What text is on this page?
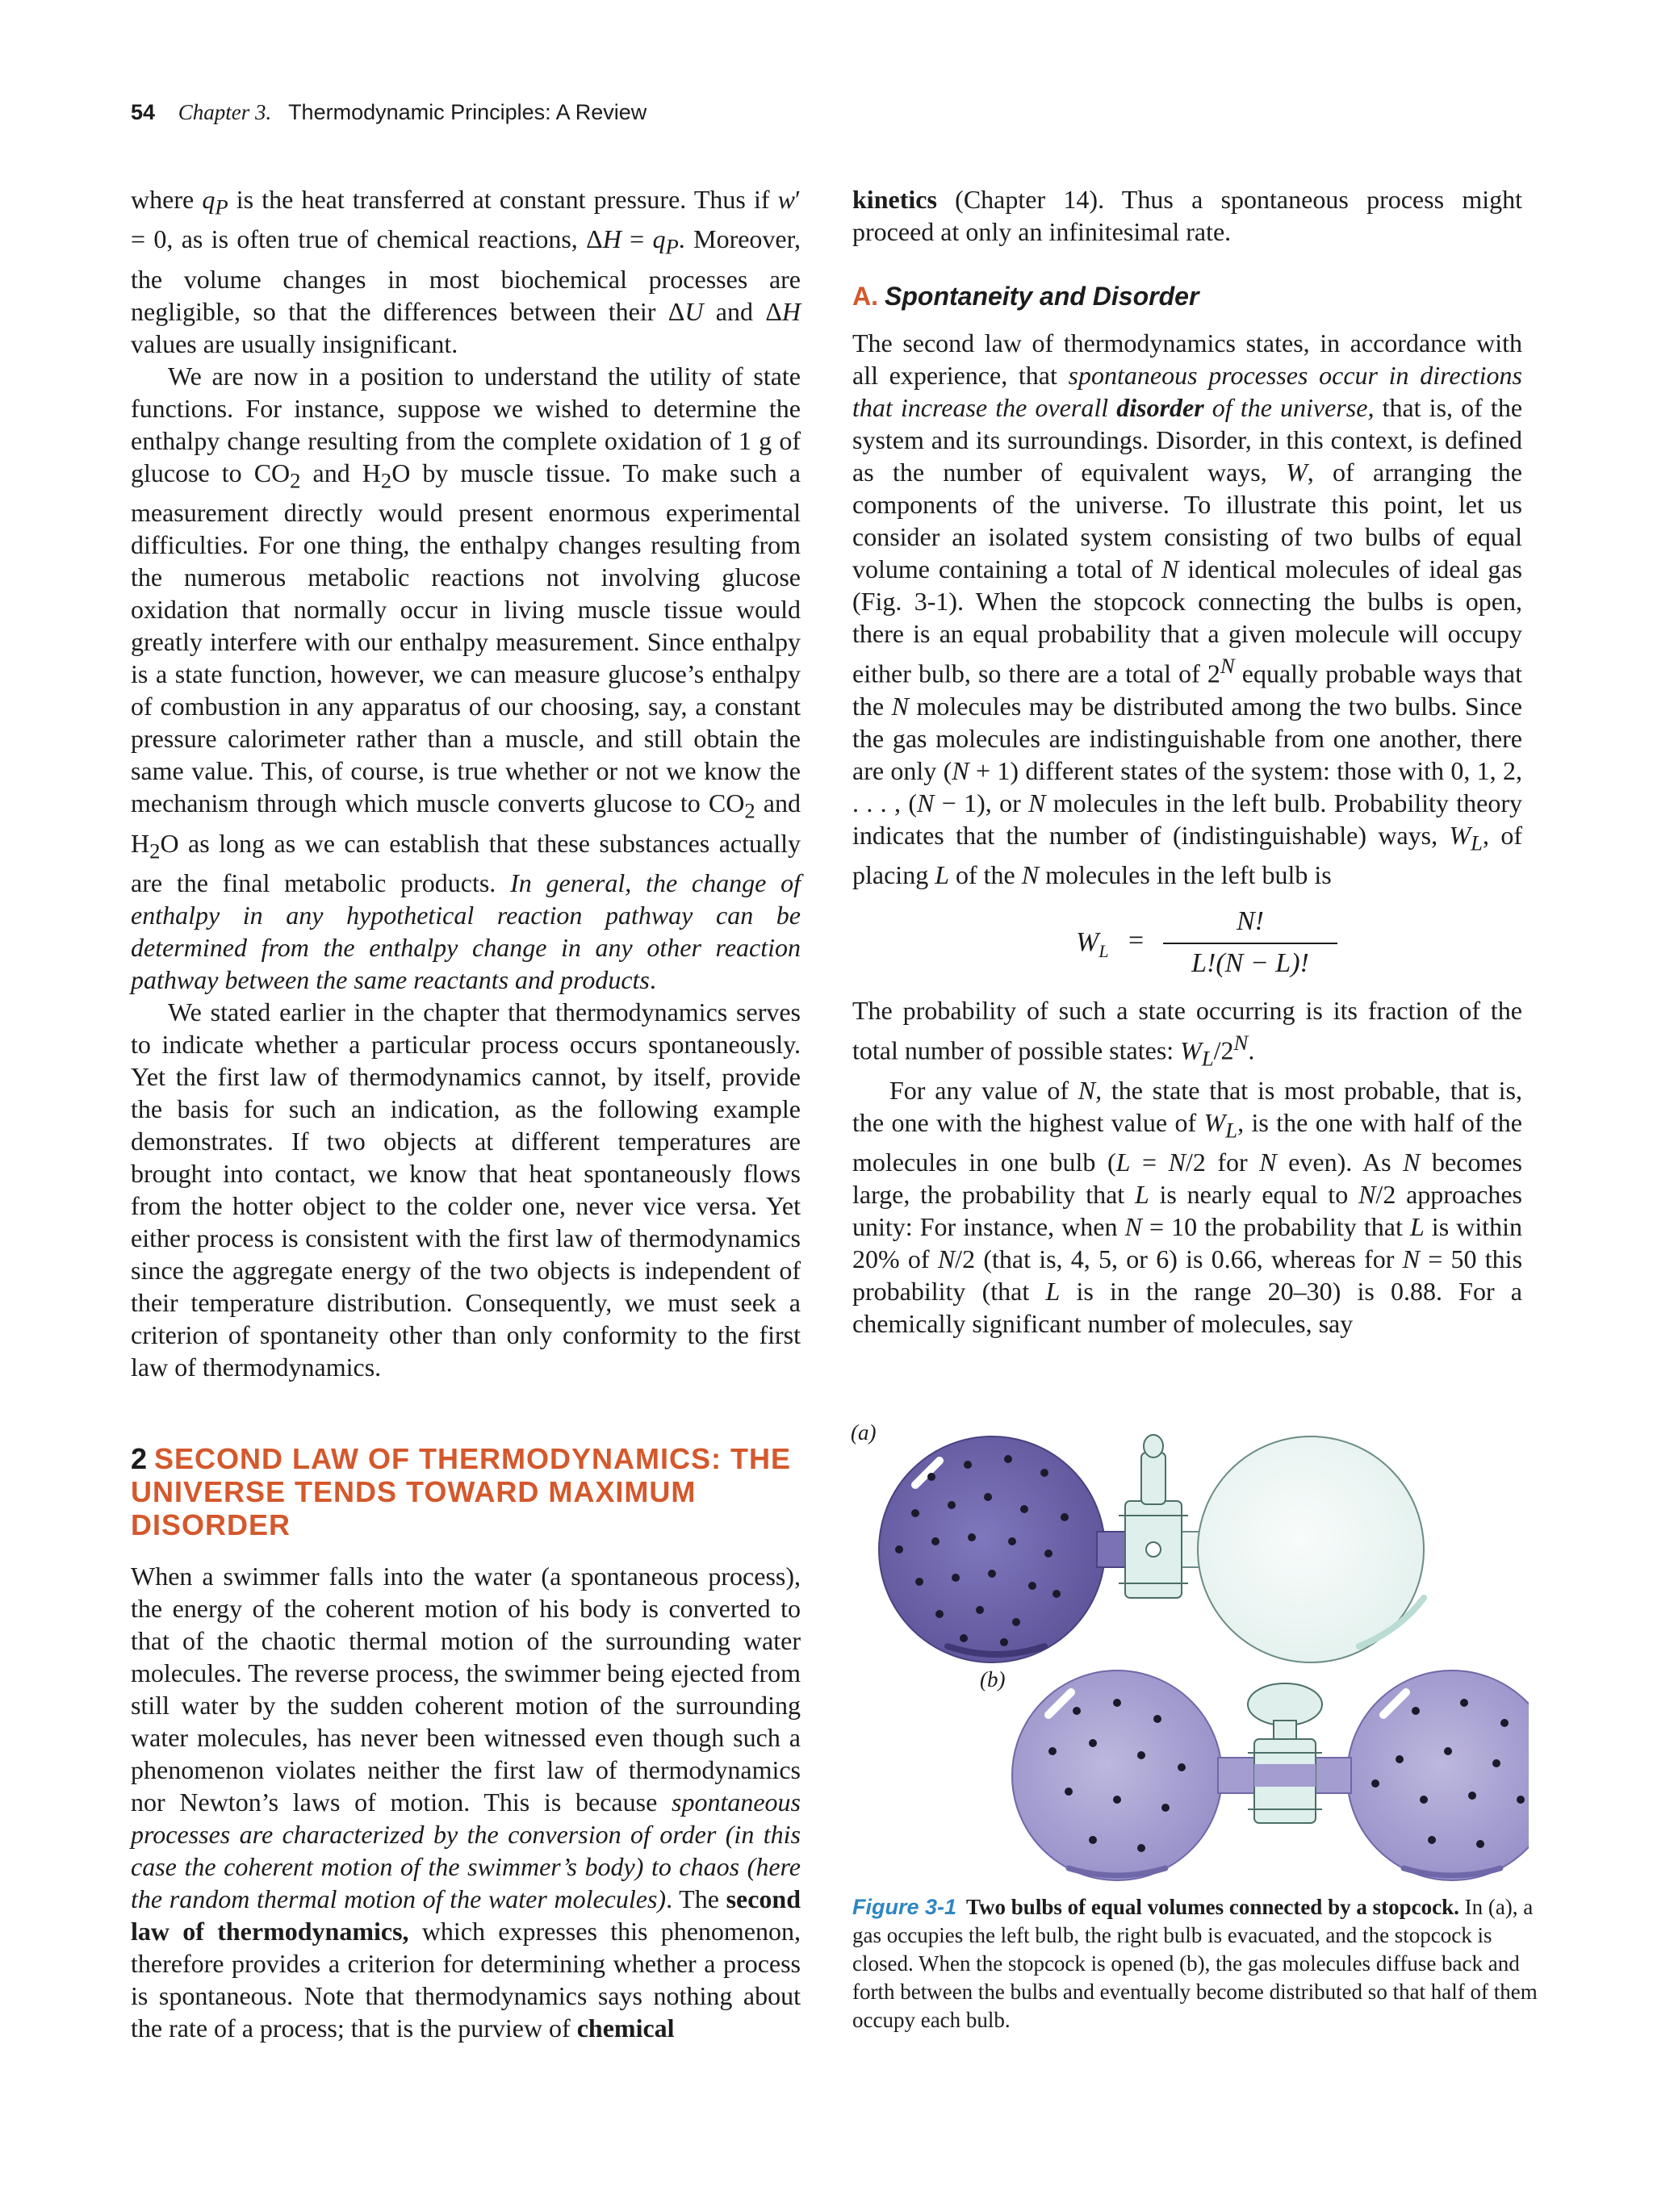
54 Chapter 3. Thermodynamic Principles: A Review

where $q_P$ is the heat transferred at constant pressure. Thus if w′ = 0, as is often true of chemical reactions, $\Delta H = q_P$. Moreover, the volume changes in most biochemical processes are negligible, so that the differences between their ΔU and ΔH values are usually insignificant.

We are now in a position to understand the utility of state functions. For instance, suppose we wished to determine the enthalpy change resulting from the complete oxidation of 1 g of glucose to $CO_2$ and $H_2O$ by muscle tissue. To make such a measurement directly would present enormous experimental difficulties. For one thing, the enthalpy changes resulting from the numerous metabolic reactions not involving glucose oxidation that normally occur in living muscle tissue would greatly interfere with our enthalpy measurement. Since enthalpy is a state function, however, we can measure glucose’s enthalpy of combustion in any apparatus of our choosing, say, a constant pressure calorimeter rather than a muscle, and still obtain the same value. This, of course, is true whether or not we know the mechanism through which muscle converts glucose to $CO_2$ and $H_2O$ as long as we can establish that these substances actually are the final metabolic products. In general, the change of enthalpy in any hypothetical reaction pathway can be determined from the enthalpy change in any other reaction pathway between the same reactants and products.

We stated earlier in the chapter that thermodynamics serves to indicate whether a particular process occurs spontaneously. Yet the first law of thermodynamics cannot, by itself, provide the basis for such an indication, as the following example demonstrates. If two objects at different temperatures are brought into contact, we know that heat spontaneously flows from the hotter object to the colder one, never vice versa. Yet either process is consistent with the first law of thermodynamics since the aggregate energy of the two objects is independent of their temperature distribution. Consequently, we must seek a criterion of spontaneity other than only conformity to the first law of thermodynamics.

2 SECOND LAW OF THERMODYNAMICS: THE UNIVERSE TENDS TOWARD MAXIMUM DISORDER

When a swimmer falls into the water (a spontaneous process), the energy of the coherent motion of his body is converted to that of the chaotic thermal motion of the surrounding water molecules. The reverse process, the swimmer being ejected from still water by the sudden coherent motion of the surrounding water molecules, has never been witnessed even though such a phenomenon violates neither the first law of thermodynamics nor Newton’s laws of motion. This is because spontaneous processes are characterized by the conversion of order (in this case the coherent motion of the swimmer’s body) to chaos (here the random thermal motion of the water molecules). The second law of thermodynamics, which expresses this phenomenon, therefore provides a criterion for determining whether a process is spontaneous. Note that thermodynamics says nothing about the rate of a process; that is the purview of chemical

kinetics (Chapter 14). Thus a spontaneous process might proceed at only an infinitesimal rate.

A. Spontaneity and Disorder

The second law of thermodynamics states, in accordance with all experience, that spontaneous processes occur in directions that increase the overall disorder of the universe, that is, of the system and its surroundings. Disorder, in this context, is defined as the number of equivalent ways, W, of arranging the components of the universe. To illustrate this point, let us consider an isolated system consisting of two bulbs of equal volume containing a total of N identical molecules of ideal gas (Fig. 3-1). When the stopcock connecting the bulbs is open, there is an equal probability that a given molecule will occupy either bulb, so there are a total of $2^N$ equally probable ways that the N molecules may be distributed among the two bulbs. Since the gas molecules are indistinguishable from one another, there are only (N + 1) different states of the system: those with 0, 1, 2, . . . , (N − 1), or N molecules in the left bulb. Probability theory indicates that the number of (indistinguishable) ways, $W_L$, of placing L of the N molecules in the left bulb is

$W_L$ =
N!
L!(N − L)!

The probability of such a state occurring is its fraction of the total number of possible states: $W_L/2^N$.

For any value of N, the state that is most probable, that is, the one with the highest value of $W_L$, is the one with half of the molecules in one bulb (L = N/2 for N even). As N becomes large, the probability that L is nearly equal to N/2 approaches unity: For instance, when N = 10 the probability that L is within 20% of N/2 (that is, 4, 5, or 6) is 0.66, whereas for N = 50 this probability (that L is in the range 20–30) is 0.88. For a chemically significant number of molecules, say

(a)
(b)
Figure 3-1 Two bulbs of equal volumes connected by a stopcock. In (a), a gas occupies the left bulb, the right bulb is evacuated, and the stopcock is closed. When the stopcock is opened (b), the gas molecules diffuse back and forth between the bulbs and eventually become distributed so that half of them occupy each bulb.
